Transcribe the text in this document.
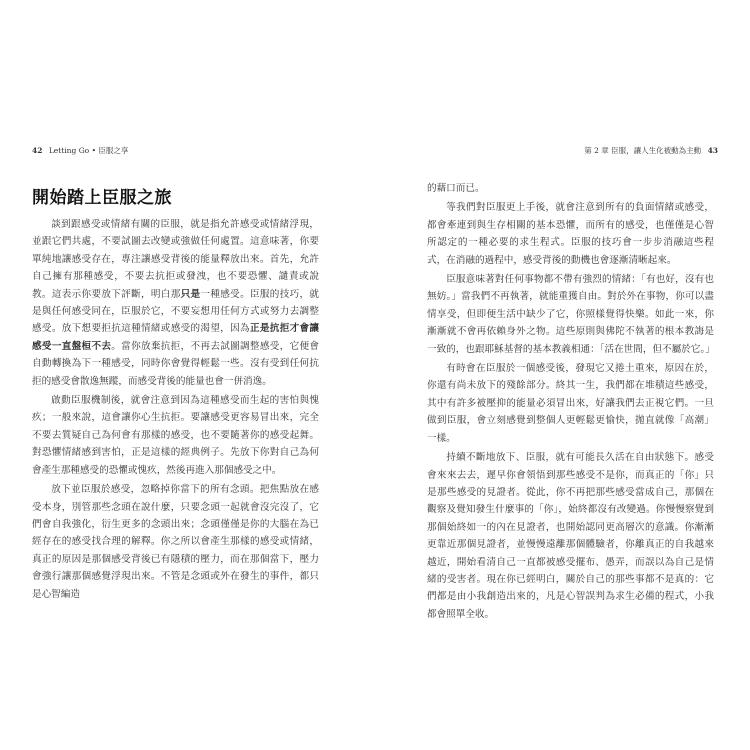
42 Letting Go • 臣服之享
開始踏上臣服之旅

談到跟感受或情緒有關的臣服，就是指允許感受或情緒浮現，並跟它們共處，不要試圖去改變或強做任何處置。這意味著，你要單純地讓感受存在，專注讓感受背後的能量釋放出來。首先，允許自己擁有那種感受，不要去抗拒或發洩，也不要恐懼、譴責或說教。這表示你要放下評斷，明白那只是一種感受。臣服的技巧，就是與任何感受同在，臣服於它，不要妄想用任何方式或努力去調整感受。放下想要拒抗這種情緒或感受的渴望，因為正是抗拒才會讓感受一直盤桓不去。當你放棄抗拒，不再去試圖調整感受，它便會自動轉換為下一種感受，同時你會覺得輕鬆一些。沒有受到任何抗拒的感受會散逸無蹤，而感受背後的能量也會一併消逸。

啟動臣服機制後，就會注意到因為這種感受而生起的害怕與愧疚；一般來說，這會讓你心生抗拒。要讓感受更容易冒出來，完全不要去質疑自己為何會有那樣的感受，也不要隨著你的感受起舞。對恐懼情緒感到害怕，正是這樣的經典例子。先放下你對自己為何會產生那種感受的恐懼或愧疚，然後再進入那個感受之中。

放下並臣服於感受，忽略掉你當下的所有念頭。把焦點放在感受本身，別管那些念頭在說什麼，只要念頭一起就會沒完沒了，它們會自我強化，衍生更多的念頭出來；念頭僅僅是你的大腦在為已經存在的感受找合理的解釋。你之所以會產生那樣的感受或情緒，真正的原因是那個感受背後已有隱積的壓力，而在那個當下，壓力會強行讓那個感覺浮現出來。不管是念頭或外在發生的事件，都只是心智編造

第 2 章 臣服，讓人生化被動為主動 43

的藉口而已。

等我們對臣服更上手後，就會注意到所有的負面情緒或感受，都會牽連到與生存相關的基本恐懼，而所有的感受，也僅僅是心智所認定的一種必要的求生程式。臣服的技巧會一步步消融這些程式，在消融的過程中，感受背後的動機也會逐漸清晰起來。

臣服意味著對任何事物都不帶有強烈的情緒：「有也好，沒有也無妨。」當我們不再執著，就能重獲自由。對於外在事物，你可以盡情享受，但即便生活中缺少了它，你照樣覺得快樂。如此一來，你漸漸就不會再依賴身外之物。這些原則與佛陀不執著的根本教誨是一致的，也跟耶穌基督的基本教義相通：「活在世間，但不屬於它。」

有時會在臣服於一個感受後，發現它又捲土重來，原因在於，你還有尚未放下的殘餘部分。終其一生，我們都在堆積這些感受，其中有許多被壓抑的能量必須冒出來，好讓我們去正視它們。一旦做到臣服，會立刻感覺到整個人更輕鬆更愉快，拋直就像「高潮」一樣。

持續不斷地放下、臣服，就有可能長久活在自由狀態下。感受會來來去去，遲早你會領悟到那些感受不是你，而真正的「你」只是那些感受的見證者。從此，你不再把那些感受當成自己，那個在觀察及覺知發生什麼事的「你」，始終都沒有改變過。你慢慢察覺到那個始終如一的內在見證者，也開始認同更高層次的意識。你漸漸更靠近那個見證者，並慢慢遠離那個體驗者，你離真正的自我越來越近，開始看清自己一直都被感受擺布、愚弄，而誤以為自己是情緒的受害者。現在你已經明白，關於自己的那些事都不是真的：它們都是由小我創造出來的，凡是心智誤判為求生必備的程式，小我都會照單全收。
